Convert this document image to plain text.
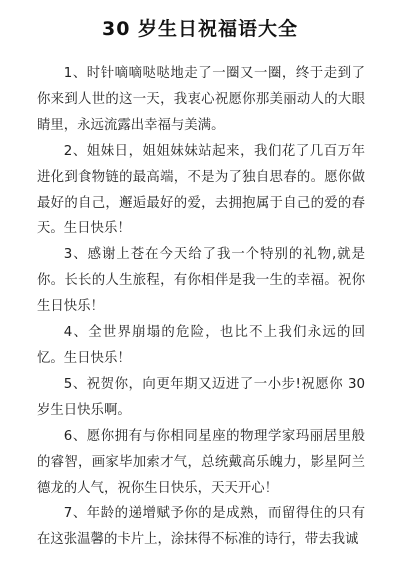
30 岁生日祝福语大全

1、时针嘀嘀哒哒地走了一圈又一圈，终于走到了你来到人世的这一天，我衷心祝愿你那美丽动人的大眼睛里，永远流露出幸福与美满。

2、姐妹日，姐姐妹妹站起来，我们花了几百万年进化到食物链的最高端，不是为了独自思春的。愿你做最好的自己，邂逅最好的爱，去拥抱属于自己的爱的春天。生日快乐！

3、感谢上苍在今天给了我一个特别的礼物,就是你。长长的人生旅程，有你相伴是我一生的幸福。祝你生日快乐！

4、全世界崩塌的危险，也比不上我们永远的回忆。生日快乐！

5、祝贺你，向更年期又迈进了一小步!祝愿你 30 岁生日快乐啊。

6、愿你拥有与你相同星座的物理学家玛丽居里般的睿智，画家毕加索才气，总统戴高乐魄力，影星阿兰德龙的人气，祝你生日快乐，天天开心！

7、年龄的递增赋予你的是成熟，而留得住的只有在这张温馨的卡片上，涂抹得不标准的诗行，带去我诚
